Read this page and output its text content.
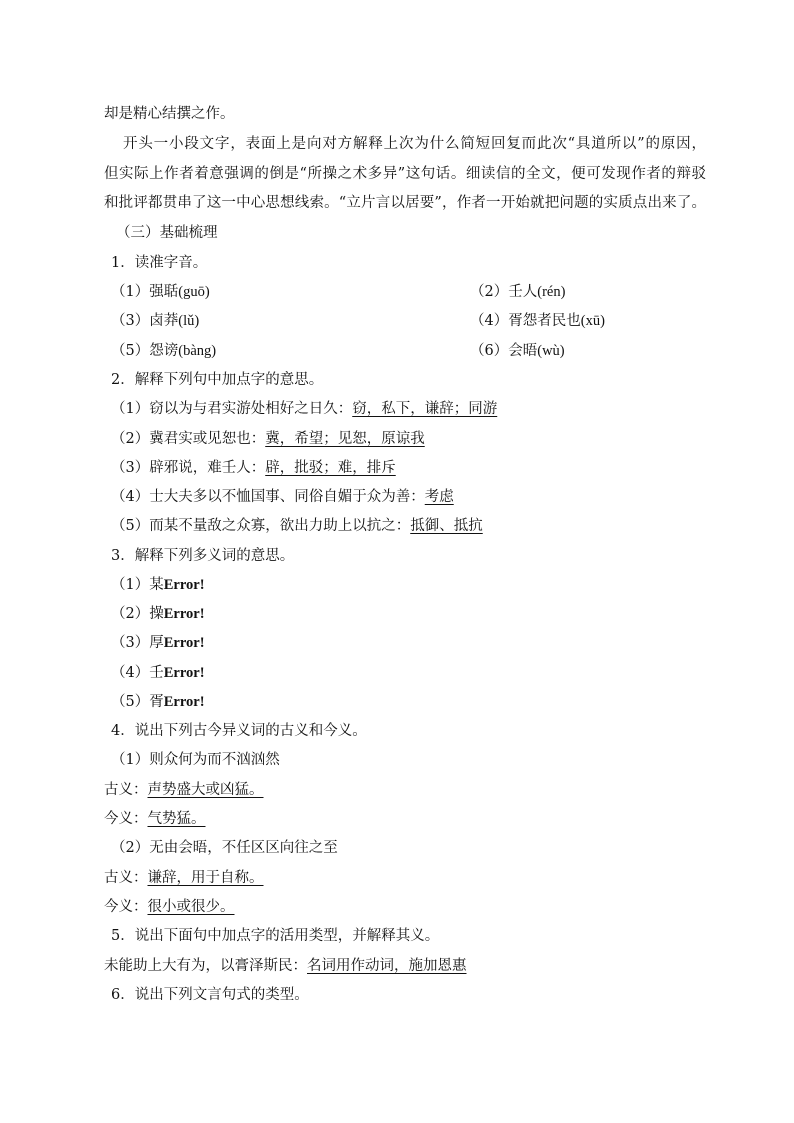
却是精心结撰之作。
开头一小段文字，表面上是向对方解释上次为什么简短回复而此次“具道所以”的原因，
但实际上作者着意强调的倒是“所操之术多异”这句话。细读信的全文，便可发现作者的辩驳
和批评都贯串了这一中心思想线索。“立片言以居要”，作者一开始就把问题的实质点出来了。
（三）基础梳理
1．读准字音。
（1）强聒(guō)	（2）壬人(rén)
（3）卤莽(lǔ)	（4）胥怨者民也(xū)
（5）怨谤(bàng)	（6）会晤(wù)
2．解释下列句中加点字的意思。
（1）窃以为与君实游处相好之日久：窃，私下，谦辞；同游
（2）冀君实或见恕也：冀，希望；见恕，原谅我
（3）辟邪说，难壬人：辟，批驳；难，排斥
（4）士大夫多以不恤国事、同俗自媚于众为善：考虑
（5）而某不量敌之众寡，欲出力助上以抗之：抵御、抵抗
3．解释下列多义词的意思。
（1）某Error!
（2）操Error!
（3）厚Error!
（4）壬Error!
（5）胥Error!
4．说出下列古今异义词的古义和今义。
（1）则众何为而不汹汹然
古义：声势盛大或凶猛。
今义：气势猛。
（2）无由会晤，不任区区向往之至
古义：谦辞，用于自称。
今义：很小或很少。
5．说出下面句中加点字的活用类型，并解释其义。
未能助上大有为，以膏泽斯民：名词用作动词，施加恩惠
6．说出下列文言句式的类型。
